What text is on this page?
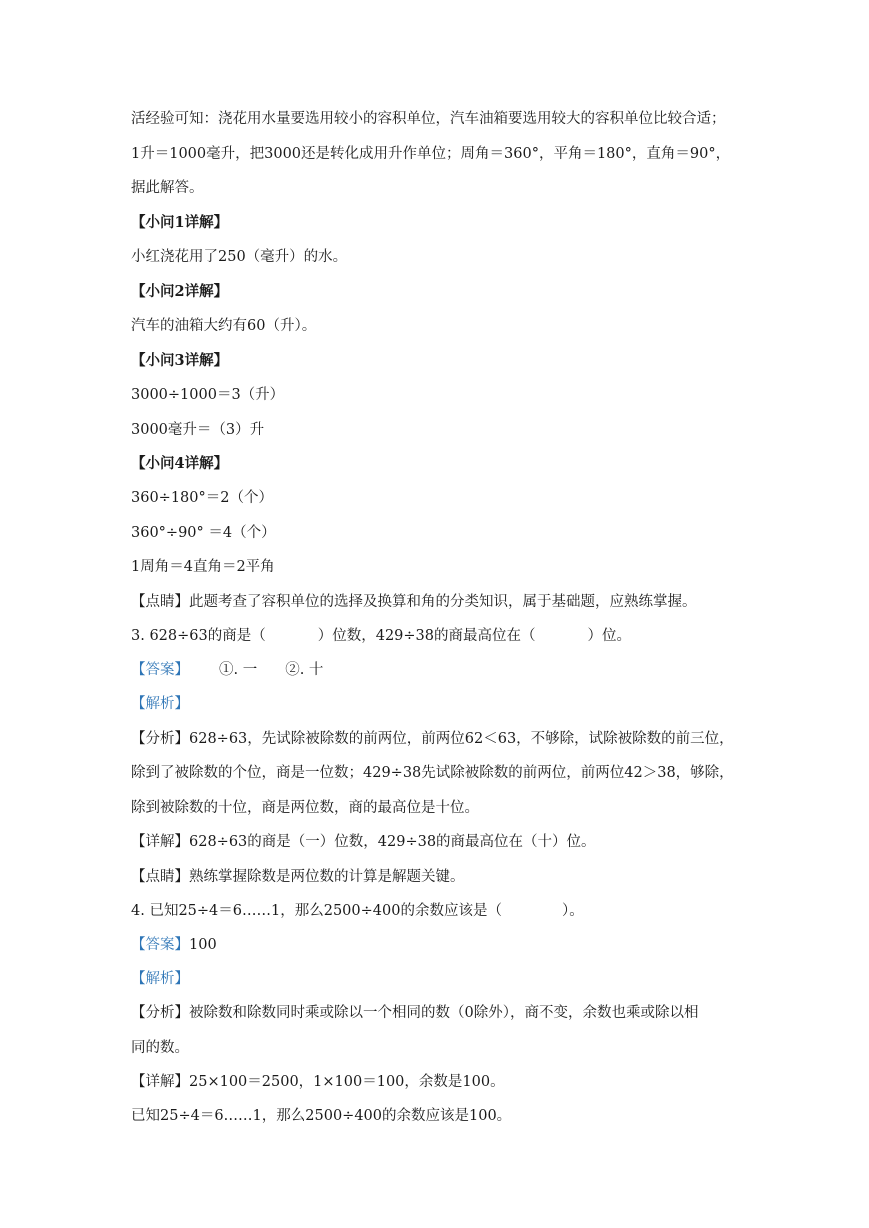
活经验可知：浇花用水量要选用较小的容积单位，汽车油箱要选用较大的容积单位比较合适；
1升＝1000毫升，把3000还是转化成用升作单位；周角＝360°，平角＝180°，直角＝90°，
据此解答。
【小问1详解】
小红浇花用了250（毫升）的水。
【小问2详解】
汽车的油箱大约有60（升）。
【小问3详解】
3000÷1000＝3（升）
3000毫升＝（3）升
【小问4详解】
360÷180°＝2（个）
360°÷90° ＝4（个）
1周角＝4直角＝2平角
【点睛】此题考查了容积单位的选择及换算和角的分类知识，属于基础题，应熟练掌握。
3. 628÷63的商是（	）位数，429÷38的商最高位在（	）位。
【答案】 ①. 一 ②. 十
【解析】
【分析】628÷63，先试除被除数的前两位，前两位62＜63，不够除，试除被除数的前三位，
除到了被除数的个位，商是一位数；429÷38先试除被除数的前两位，前两位42＞38，够除，
除到被除数的十位，商是两位数，商的最高位是十位。
【详解】628÷63的商是（一）位数，429÷38的商最高位在（十）位。
【点睛】熟练掌握除数是两位数的计算是解题关键。
4. 已知25÷4＝6……1，那么2500÷400的余数应该是（	）。
【答案】100
【解析】
【分析】被除数和除数同时乘或除以一个相同的数（0除外），商不变，余数也乘或除以相
同的数。
【详解】25×100＝2500，1×100＝100，余数是100。
已知25÷4＝6……1，那么2500÷400的余数应该是100。
